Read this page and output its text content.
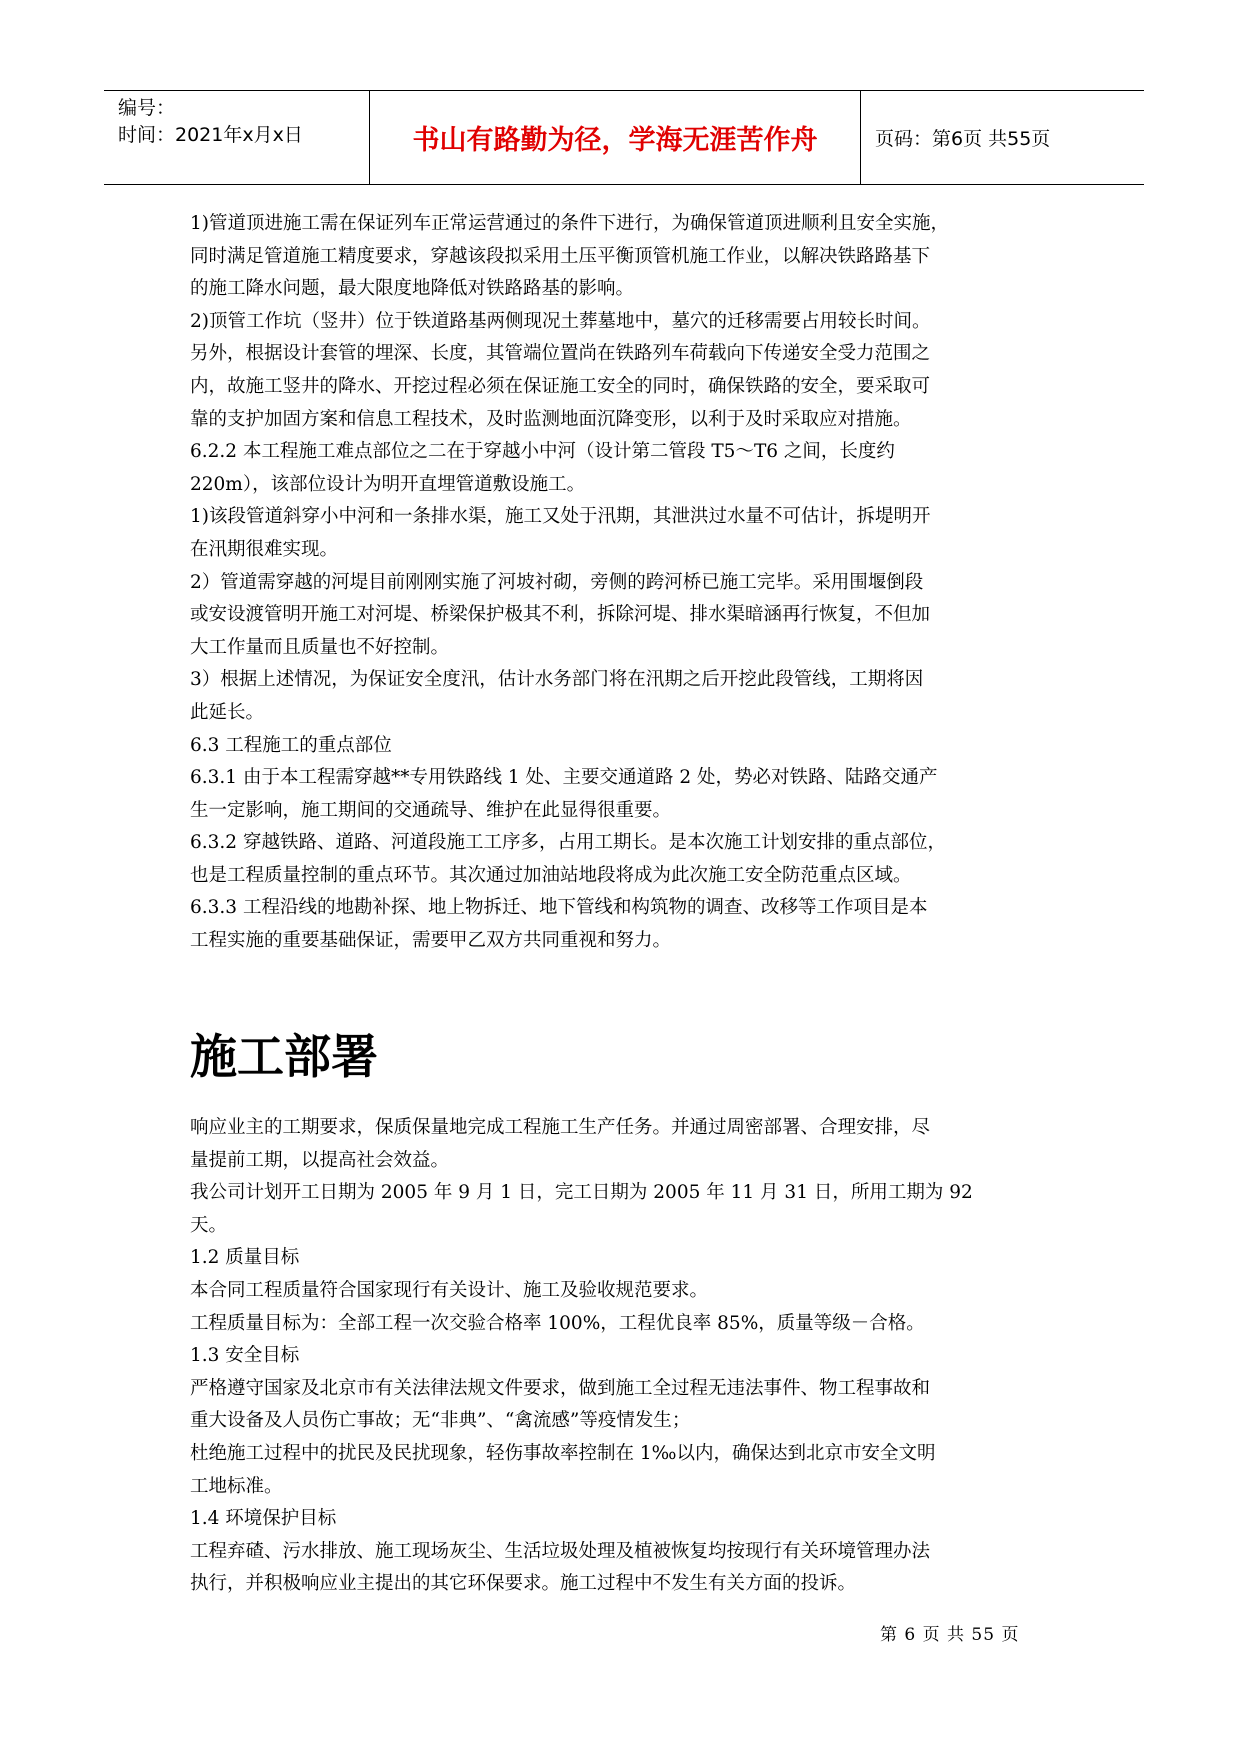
编号：
时间：2021年x月x日	书山有路勤为径，学海无涯苦作舟	页码：第6页 共55页

1)管道顶进施工需在保证列车正常运营通过的条件下进行，为确保管道顶进顺利且安全实施，

同时满足管道施工精度要求，穿越该段拟采用土压平衡顶管机施工作业，以解决铁路路基下

的施工降水问题，最大限度地降低对铁路路基的影响。

2)顶管工作坑（竖井）位于铁道路基两侧现况土葬墓地中，墓穴的迁移需要占用较长时间。

另外，根据设计套管的埋深、长度，其管端位置尚在铁路列车荷载向下传递安全受力范围之

内，故施工竖井的降水、开挖过程必须在保证施工安全的同时，确保铁路的安全，要采取可

靠的支护加固方案和信息工程技术，及时监测地面沉降变形，以利于及时采取应对措施。

6.2.2 本工程施工难点部位之二在于穿越小中河（设计第二管段 T5～T6 之间，长度约

220m），该部位设计为明开直埋管道敷设施工。

1)该段管道斜穿小中河和一条排水渠，施工又处于汛期，其泄洪过水量不可估计，拆堤明开

在汛期很难实现。

2）管道需穿越的河堤目前刚刚实施了河坡衬砌，旁侧的跨河桥已施工完毕。采用围堰倒段

或安设渡管明开施工对河堤、桥梁保护极其不利，拆除河堤、排水渠暗涵再行恢复，不但加

大工作量而且质量也不好控制。

3）根据上述情况，为保证安全度汛，估计水务部门将在汛期之后开挖此段管线，工期将因

此延长。

6.3 工程施工的重点部位

6.3.1 由于本工程需穿越**专用铁路线 1 处、主要交通道路 2 处，势必对铁路、陆路交通产

生一定影响，施工期间的交通疏导、维护在此显得很重要。

6.3.2 穿越铁路、道路、河道段施工工序多，占用工期长。是本次施工计划安排的重点部位，

也是工程质量控制的重点环节。其次通过加油站地段将成为此次施工安全防范重点区域。

6.3.3 工程沿线的地勘补探、地上物拆迁、地下管线和构筑物的调查、改移等工作项目是本

工程实施的重要基础保证，需要甲乙双方共同重视和努力。

施工部署

响应业主的工期要求，保质保量地完成工程施工生产任务。并通过周密部署、合理安排，尽

量提前工期，以提高社会效益。

我公司计划开工日期为 2005 年 9 月 1 日，完工日期为 2005 年 11 月 31 日，所用工期为 92

天。

1.2 质量目标

本合同工程质量符合国家现行有关设计、施工及验收规范要求。

工程质量目标为：全部工程一次交验合格率 100%，工程优良率 85%，质量等级－合格。

1.3 安全目标

严格遵守国家及北京市有关法律法规文件要求，做到施工全过程无违法事件、物工程事故和

重大设备及人员伤亡事故；无“非典”、“禽流感”等疫情发生；

杜绝施工过程中的扰民及民扰现象，轻伤事故率控制在 1‰以内，确保达到北京市安全文明

工地标准。

1.4 环境保护目标

工程弃碴、污水排放、施工现场灰尘、生活垃圾处理及植被恢复均按现行有关环境管理办法

执行，并积极响应业主提出的其它环保要求。施工过程中不发生有关方面的投诉。

第 6 页 共 55 页
